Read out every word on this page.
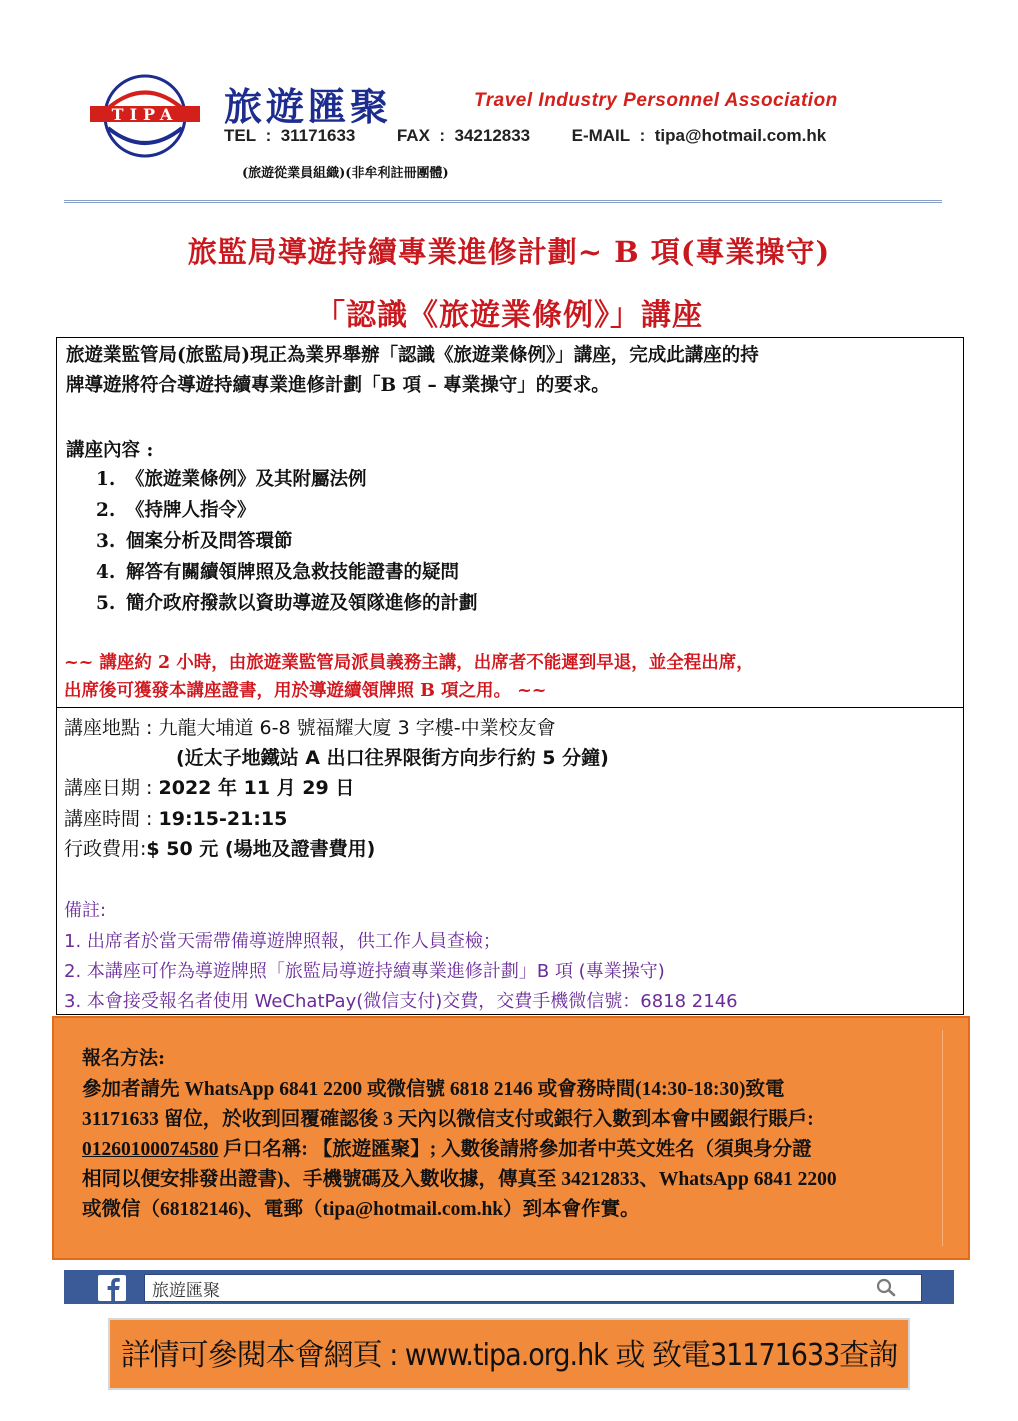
TIPA 旅遊匯聚	Travel Industry Personnel Association
TEL  :  31171633 FAX  :  34212833 E-MAIL  :  tipa@hotmail.com.hk
(旅遊從業員組織)(非牟利註冊團體)
旅監局導遊持續專業進修計劃~ B 項(專業操守)
「認識《旅遊業條例》」講座
旅遊業監管局(旅監局)現正為業界舉辦「認識《旅遊業條例》」講座，完成此講座的持
牌導遊將符合導遊持續專業進修計劃「B 項 – 專業操守」的要求。
講座內容 :
1. 《旅遊業條例》及其附屬法例
2. 《持牌人指令》
3. 個案分析及問答環節
4. 解答有關續領牌照及急救技能證書的疑問
5. 簡介政府撥款以資助導遊及領隊進修的計劃
~~ 講座約 2 小時，由旅遊業監管局派員義務主講，出席者不能遲到早退，並全程出席，
出席後可獲發本講座證書，用於導遊續領牌照 B 項之用。 ~~
講座地點 : 九龍大埔道 6-8 號福耀大廈 3 字樓-中業校友會
(近太子地鐵站 A 出口往界限街方向步行約 5 分鐘)
講座日期 : 2022 年 11 月 29 日
講座時間 : 19:15-21:15
行政費用:$ 50 元 (場地及證書費用)
備註:
1. 出席者於當天需帶備導遊牌照報，供工作人員查檢；
2. 本講座可作為導遊牌照「旅監局導遊持續專業進修計劃」B 項 (專業操守)
3. 本會接受報名者使用 WeChatPay(微信支付)交費，交費手機微信號：6818 2146
報名方法:
參加者請先 WhatsApp 6841 2200 或微信號 6818 2146 或會務時間(14:30-18:30)致電
31171633 留位，於收到回覆確認後 3 天內以微信支付或銀行入數到本會中國銀行賬戶:
01260100074580 戶口名稱: 【旅遊匯聚】; 入數後請將參加者中英文姓名（須與身分證
相同以便安排發出證書)、手機號碼及入數收據，傳真至 34212833、WhatsApp 6841 2200
或微信（68182146)、電郵（tipa@hotmail.com.hk）到本會作實。
旅遊匯聚
詳情可參閱本會網頁 : www.tipa.org.hk 或 致電31171633查詢
